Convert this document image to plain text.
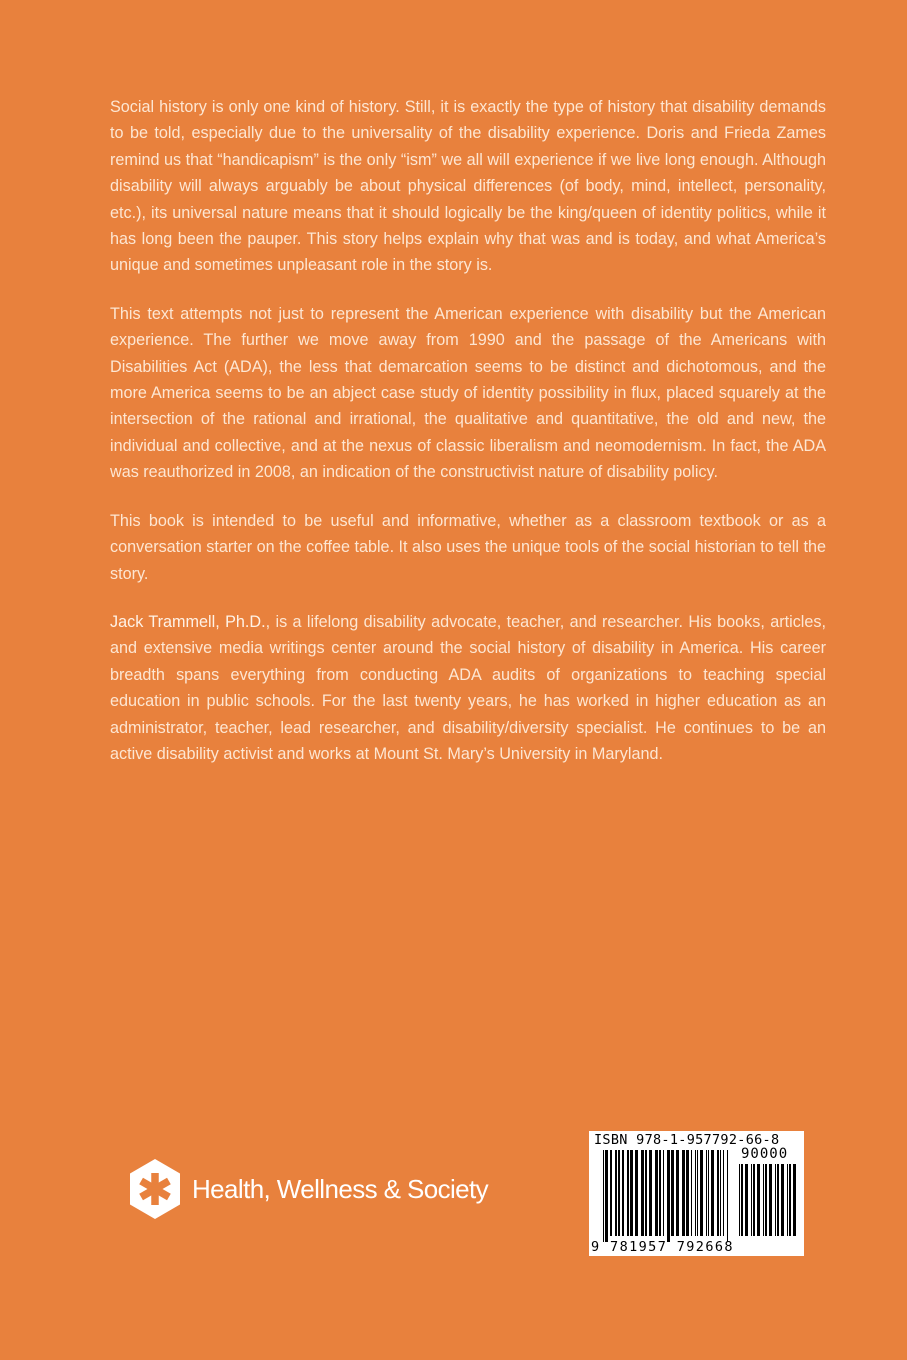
Social history is only one kind of history. Still, it is exactly the type of history that disability demands to be told, especially due to the universality of the disability experience. Doris and Frieda Zames remind us that “handicapism” is the only “ism” we all will experience if we live long enough. Although disability will always arguably be about physical differences (of body, mind, intellect, personality, etc.), its universal nature means that it should logically be the king/queen of identity politics, while it has long been the pauper. This story helps explain why that was and is today, and what America’s unique and sometimes unpleasant role in the story is.

This text attempts not just to represent the American experience with disability but the American experience. The further we move away from 1990 and the passage of the Americans with Disabilities Act (ADA), the less that demarcation seems to be distinct and dichotomous, and the more America seems to be an abject case study of identity possibility in flux, placed squarely at the intersection of the rational and irrational, the qualitative and quantitative, the old and new, the individual and collective, and at the nexus of classic liberalism and neomodernism. In fact, the ADA was reauthorized in 2008, an indication of the constructivist nature of disability policy.

This book is intended to be useful and informative, whether as a classroom textbook or as a conversation starter on the coffee table. It also uses the unique tools of the social historian to tell the story.

Jack Trammell, Ph.D., is a lifelong disability advocate, teacher, and researcher. His books, articles, and extensive media writings center around the social history of disability in America. His career breadth spans everything from conducting ADA audits of organizations to teaching special education in public schools. For the last twenty years, he has worked in higher education as an administrator, teacher, lead researcher, and disability/diversity specialist. He continues to be an active disability activist and works at Mount St. Mary’s University in Maryland.

Health, Wellness & Society
ISBN 978-1-957792-66-8
90000
9 781957 792668
